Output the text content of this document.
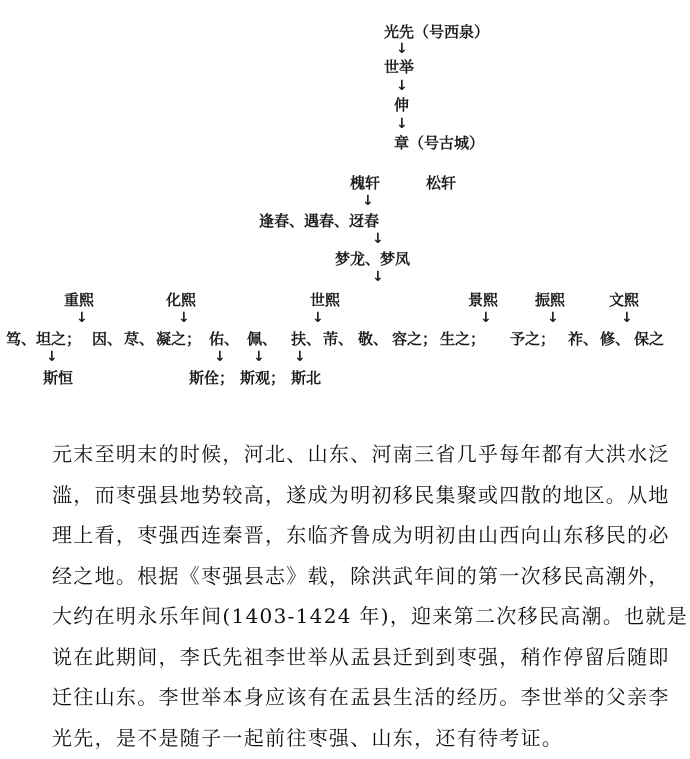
光先（号西泉）
↓
世举
↓
伸
↓
章（号古城）
槐轩	松轩
↓
逢春、遇春、迓春
↓
梦龙、梦凤
↓
重熙	化熙	世熙	景熙 振熙	文熙
↓	↓	↓	↓	↓	↓
笃、坦之； 因、 荩、 凝之； 佑、 佩、 扶、 芾、 敬、 容之； 生之； 予之； 祚、 修、 保之
↓	↓ ↓ ↓
斯恒	斯佺； 斯观； 斯北
元末至明末的时候，河北、山东、河南三省几乎每年都有大洪水泛
滥，而枣强县地势较高，遂成为明初移民集聚或四散的地区。从地
理上看，枣强西连秦晋，东临齐鲁成为明初由山西向山东移民的必
经之地。根据《枣强县志》载，除洪武年间的第一次移民高潮外，
大约在明永乐年间(1403-1424 年)，迎来第二次移民高潮。也就是
说在此期间，李氏先祖李世举从盂县迁到到枣强，稍作停留后随即
迁往山东。李世举本身应该有在盂县生活的经历。李世举的父亲李
光先，是不是随子一起前往枣强、山东，还有待考证。
